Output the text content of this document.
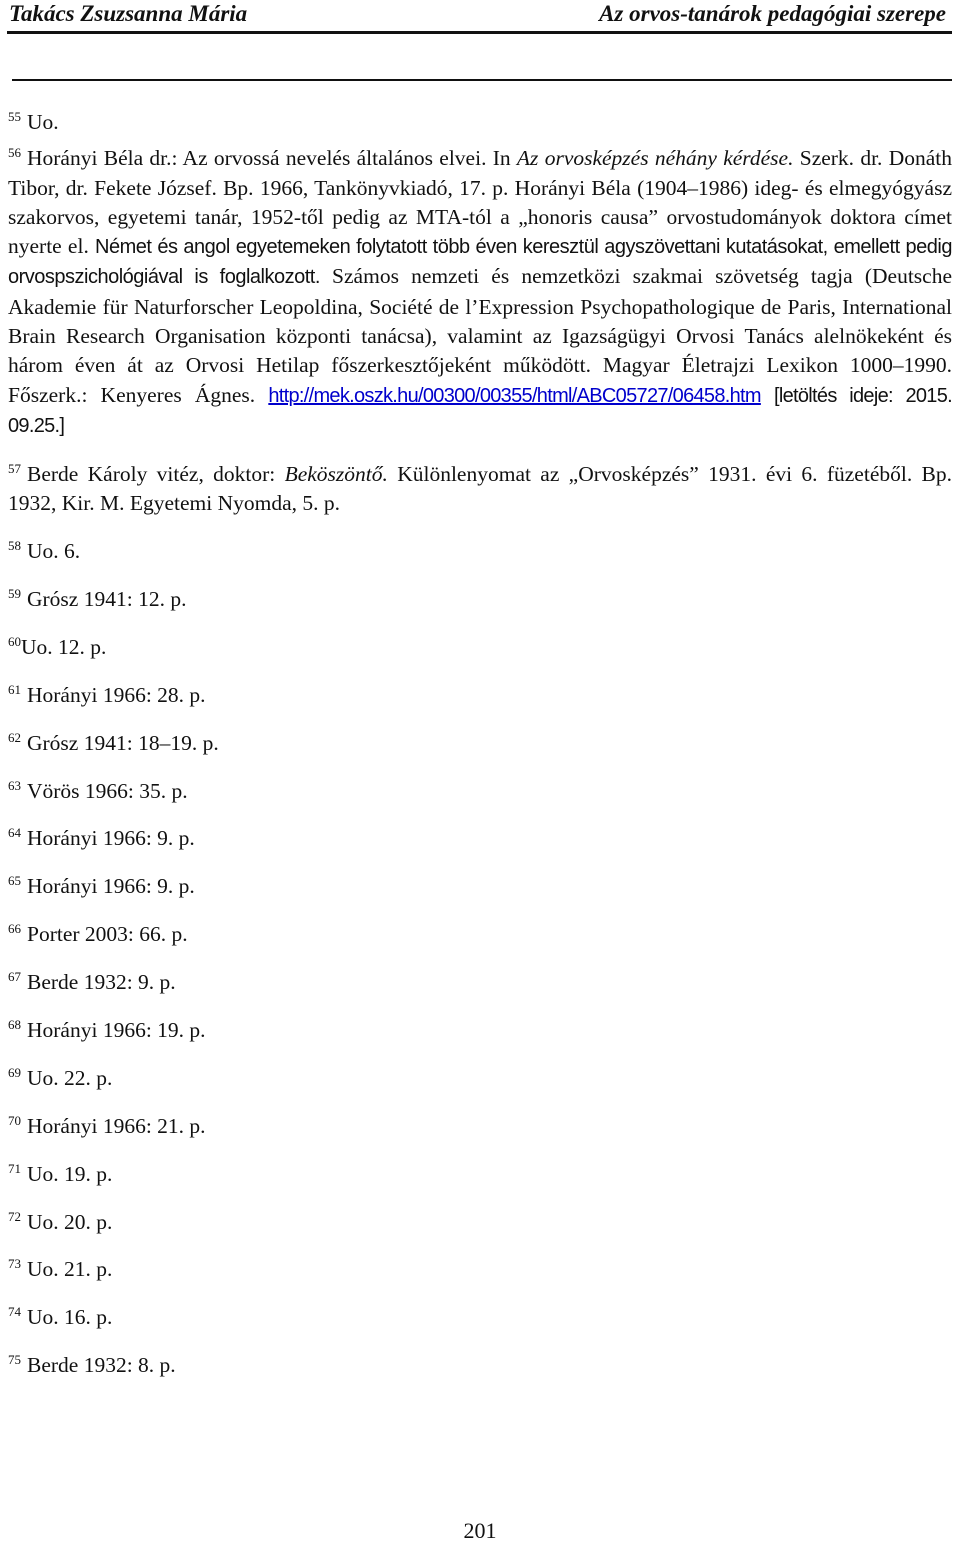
Takács Zsuzsanna Mária	Az orvos-tanárok pedagógiai szerepe

$^{55}$ Uo.

$^{56}$ Horányi Béla dr.: Az orvossá nevelés általános elvei. In Az orvosképzés néhány kérdése. Szerk. dr. Donáth Tibor, dr. Fekete József. Bp. 1966, Tankönyvkiadó, 17. p. Horányi Béla (1904–1986) ideg- és elmegyógyász szakorvos, egyetemi tanár, 1952-től pedig az MTA-tól a „honoris causa” orvostudományok doktora címet nyerte el. Német és angol egyetemeken folytatott több éven keresztül agyszövettani kutatásokat, emellett pedig orvospszichológiával is foglalkozott. Számos nemzeti és nemzetközi szakmai szövetség tagja (Deutsche Akademie für Naturforscher Leopoldina, Société de l’Expression Psychopathologique de Paris, International Brain Research Organisation központi tanácsa), valamint az Igazságügyi Orvosi Tanács alelnökeként és három éven át az Orvosi Hetilap főszerkesztőjeként működött. Magyar Életrajzi Lexikon 1000–1990. Főszerk.: Kenyeres Ágnes. http://mek.oszk.hu/00300/00355/html/ABC05727/06458.htm [letöltés ideje: 2015. 09.25.]

$^{57}$ Berde Károly vitéz, doktor: Beköszöntő. Különlenyomat az „Orvosképzés” 1931. évi 6. füzetéből. Bp. 1932, Kir. M. Egyetemi Nyomda, 5. p.

$^{58}$ Uo. 6.

$^{59}$ Grósz 1941: 12. p.

$^{60}$Uo. 12. p.

$^{61}$ Horányi 1966: 28. p.

$^{62}$ Grósz 1941: 18–19. p.

$^{63}$ Vörös 1966: 35. p.

$^{64}$ Horányi 1966: 9. p.

$^{65}$ Horányi 1966: 9. p.

$^{66}$ Porter 2003: 66. p.

$^{67}$ Berde 1932: 9. p.

$^{68}$ Horányi 1966: 19. p.

$^{69}$ Uo. 22. p.

$^{70}$ Horányi 1966: 21. p.

$^{71}$ Uo. 19. p.

$^{72}$ Uo. 20. p.

$^{73}$ Uo. 21. p.

$^{74}$ Uo. 16. p.

$^{75}$ Berde 1932: 8. p.

201
